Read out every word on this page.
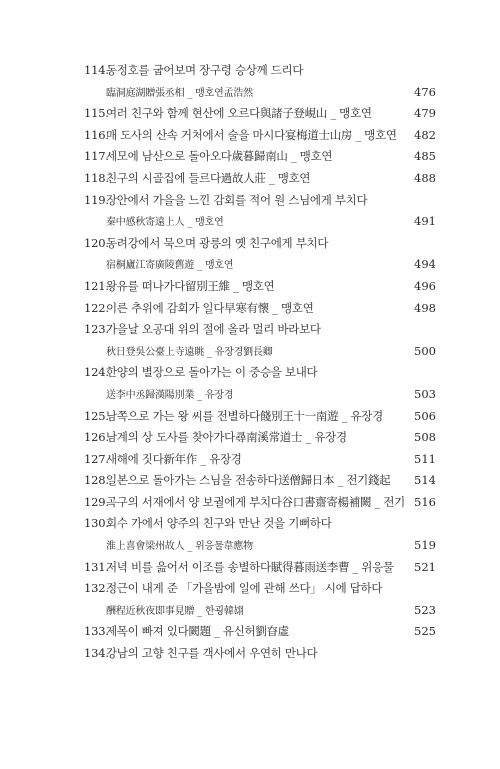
114.
동정호를 굽어보며 장구령 승상께 드리다
臨洞庭湖贈張丞相 _ 맹호연孟浩然	476
115.
여러 친구와 함께 현산에 오르다與諸子登峴山 _ 맹호연	479
116.
매 도사의 산속 거처에서 술을 마시다宴梅道士山房 _ 맹호연	482
117.
세모에 남산으로 돌아오다歲暮歸南山 _ 맹호연	485
118.
친구의 시골집에 들르다過故人莊 _ 맹호연	488
119.
장안에서 가을을 느낀 감회를 적어 원 스님에게 부치다
秦中感秋寄遠上人 _ 맹호연	491
120.
동려강에서 묵으며 광릉의 옛 친구에게 부치다
宿桐廬江寄廣陵舊遊 _ 맹호연	494
121.
왕유를 떠나가다留別王維 _ 맹호연	496
122.
이른 추위에 감회가 일다早寒有懷 _ 맹호연	498
123.
가을날 오공대 위의 절에 올라 멀리 바라보다
秋日登吳公臺上寺遠眺 _ 유장경劉長卿	500
124.
한양의 별장으로 돌아가는 이 중승을 보내다
送李中丞歸漢陽別業 _ 유장경	503
125.
남쪽으로 가는 왕 씨를 전별하다餞別王十一南遊 _ 유장경	506
126.
남계의 상 도사를 찾아가다尋南溪常道士 _ 유장경	508
127.
새해에 짓다新年作 _ 유장경	511
128.
일본으로 돌아가는 스님을 전송하다送僧歸日本 _ 전기錢起	514
129.
곡구의 서재에서 양 보궐에게 부치다谷口書齋寄楊補闕 _ 전기 516
130.
회수 가에서 양주의 친구와 만난 것을 기뻐하다
淮上喜會梁州故人 _ 위응물韋應物	519
131.
저녁 비를 읊어서 이조를 송별하다賦得暮雨送李曹 _ 위응물	521
132.
정근이 내게 준 「가을밤에 일에 관해 쓰다」 시에 답하다
酬程近秋夜即事見贈 _ 한굉韓翃	523
133.
제목이 빠져 있다闕題 _ 유신허劉昚虛	525
134.
강남의 고향 친구를 객사에서 우연히 만나다
